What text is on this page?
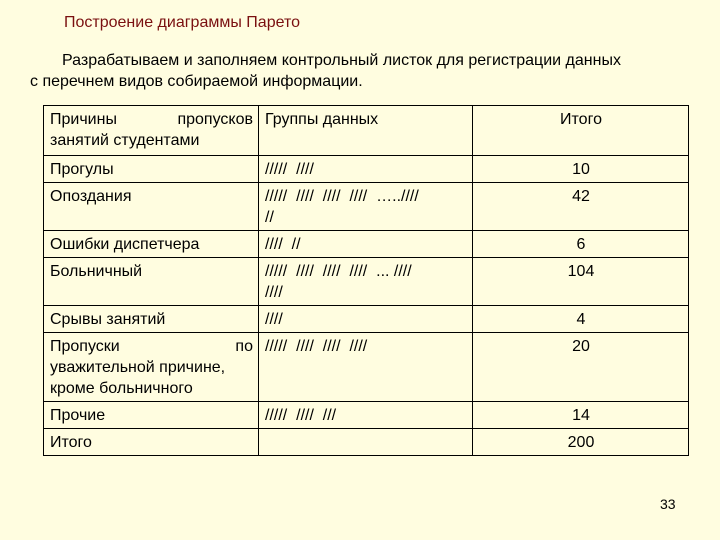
Построение диаграммы Парето
Разрабатываем и заполняем контрольный листок для регистрации данных
с перечнем видов собираемой информации.
Причины пропусков
занятий студентами	Группы данных	Итого

Прогулы	/////  ////	10

Опоздания	/////  ////  ////  ////  …..////
//	42

Ошибки диспетчера	////  //	6

Больничный	/////  ////  ////  ////  ... ////
////	104

Срывы занятий	////	4

Пропуски по
уважительной причине,
кроме больничного	/////  ////  ////  ////	20

Прочие	/////  ////  ///	14

Итого		200
33
